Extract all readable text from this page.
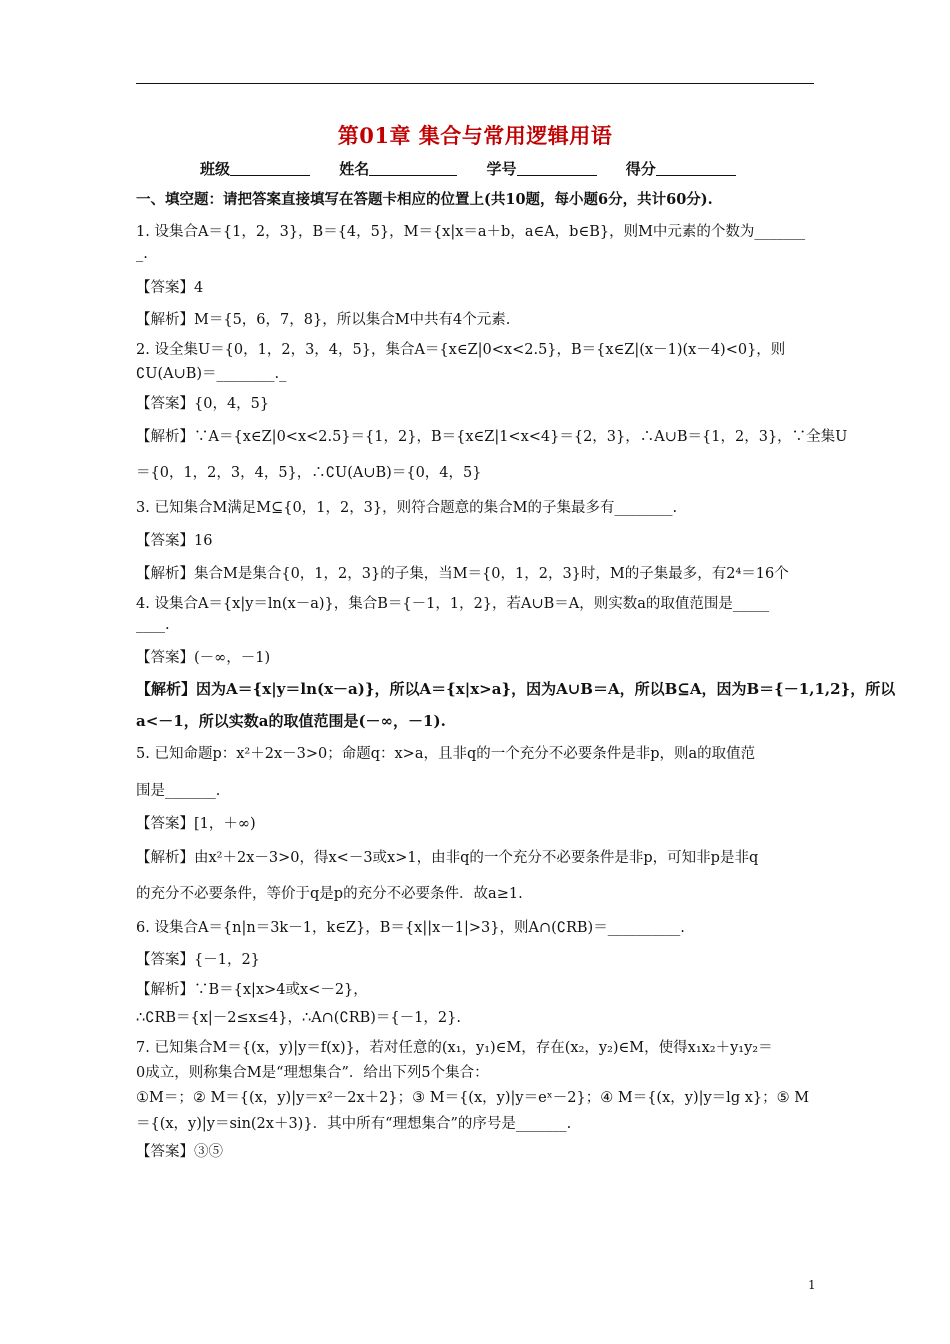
第01章 集合与常用逻辑用语
班级	姓名	学号	得分
一、填空题：请把答案直接填写在答题卡相应的位置上(共10题，每小题6分，共计60分).
1. 设集合A＝{1，2，3}，B＝{4，5}，M＝{x|x＝a＋b，a∈A，b∈B}，则M中元素的个数为_______
_.
【答案】4
【解析】M＝{5，6，7，8}，所以集合M中共有4个元素.
2. 设全集U＝{0，1，2，3，4，5}，集合A＝{x∈Z|0<x<2.5}，B＝{x∈Z|(x－1)(x－4)<0}，则
∁U(A∪B)＝________._
【答案】{0，4，5}
【解析】∵A＝{x∈Z|0<x<2.5}＝{1，2}，B＝{x∈Z|1<x<4}＝{2，3}，∴A∪B＝{1，2，3}，∵全集U
＝{0，1，2，3，4，5}，∴∁U(A∪B)＝{0，4，5}
3. 已知集合M满足M⊆{0，1，2，3}，则符合题意的集合M的子集最多有________.
【答案】16
【解析】集合M是集合{0，1，2，3}的子集，当M＝{0，1，2，3}时，M的子集最多，有2⁴＝16个
4. 设集合A＝{x|y＝ln(x－a)}，集合B＝{－1，1，2}，若A∪B＝A，则实数a的取值范围是_____
____.
【答案】(－∞，－1)
【解析】因为A＝{x|y＝ln(x－a)}，所以A＝{x|x>a}，因为A∪B＝A，所以B⊆A，因为B＝{－1,1,2}，所以
a<－1，所以实数a的取值范围是(－∞，－1).
5. 已知命题p：x²＋2x－3>0；命题q：x>a，且非q的一个充分不必要条件是非p，则a的取值范
围是_______.
【答案】[1，＋∞)
【解析】由x²＋2x－3>0，得x<－3或x>1，由非q的一个充分不必要条件是非p，可知非p是非q
的充分不必要条件，等价于q是p的充分不必要条件．故a≥1.
6. 设集合A＝{n|n＝3k－1，k∈Z}，B＝{x||x－1|>3}，则A∩(∁RB)＝__________.
【答案】{－1，2}
【解析】∵B＝{x|x>4或x<－2}，
∴∁RB＝{x|－2≤x≤4}，∴A∩(∁RB)＝{－1，2}.
7. 已知集合M＝{(x，y)|y＝f(x)}，若对任意的(x₁，y₁)∈M，存在(x₂，y₂)∈M，使得x₁x₂＋y₁y₂＝
0成立，则称集合M是“理想集合”．给出下列5个集合：
①M＝；② M＝{(x，y)|y＝x²－2x＋2}；③ M＝{(x，y)|y＝eˣ－2}；④ M＝{(x，y)|y＝lg x}；⑤ M
＝{(x，y)|y＝sin(2x＋3)}．其中所有“理想集合”的序号是_______.
【答案】③⑤
1
